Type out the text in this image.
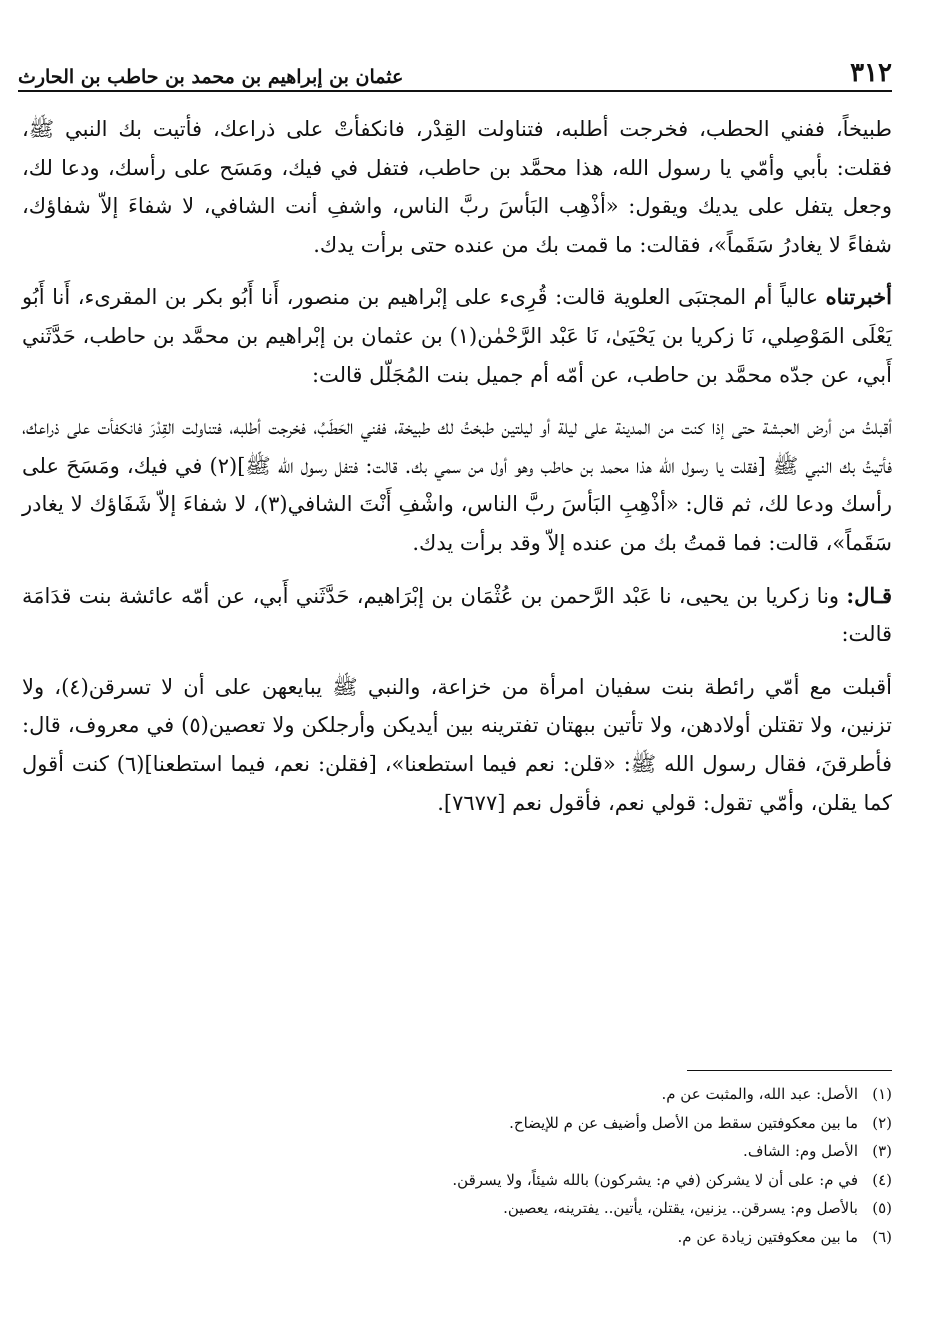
٣١٢
عثمان بن إبراهيم بن محمد بن حاطب بن الحارث

طبيخاً، ففني الحطب، فخرجت أطلبه، فتناولت القِدْر، فانكفأتْ على ذراعك، فأتيت بك النبي ﷺ، فقلت: بأبي وأمّي يا رسول الله، هذا محمَّد بن حاطب، فتفل في فيك، ومَسَح على رأسك، ودعا لك، وجعل يتفل على يديك ويقول: «أذْهِب البَأسَ ربَّ الناس، واشفِ أنت الشافي، لا شفاءَ إلاّ شفاؤك، شفاءً لا يغادرُ سَقَماً»، فقالت: ما قمت بك من عنده حتى برأت يدك.

أخبرتناه عالياً أم المجتبَى العلوية قالت: قُرِىء على إبْراهيم بن منصور، أَنا أَبُو بكر بن المقرىء، أَنا أَبُو يَعْلَى المَوْصِلي، نَا زكريا بن يَحْيَىٰ، نَا عَبْد الرَّحْمٰن(١) بن عثمان بن إبْراهيم بن محمَّد بن حاطب، حَدَّثَني أَبي، عن جدّه محمَّد بن حاطب، عن أمّه أم جميل بنت المُجَلّل قالت:

أقبلتُ من أرض الحبشة حتى إذا كنت من المدينة على ليلة أو ليلتين طبختُ لك طبيخة، ففني الحَطَبُ، فخرجت أطلبه، فتناولت القِدْرَ فانكفأت على ذراعك، فأتيتُ بك النبي ﷺ [فقلت يا رسول الله هذا محمد بن حاطب وهو أول من سمي بك. قالت: فتفل رسول الله ﷺ](٢) في فيك، ومَسَحَ على رأسك ودعا لك، ثم قال: «أذْهِبِ البَأسَ ربَّ الناس، واشْفِ أَنْتَ الشافي(٣)، لا شفاءَ إلاّ شَفَاؤك لا يغادر سَقَماً»، قالت: فما قمتُ بك من عنده إلاّ وقد برأت يدك.

قـال: ونا زكريا بن يحيى، نا عَبْد الرَّحمن بن عُثْمَان بن إبْرَاهيم، حَدَّثَني أَبي، عن أمّه عائشة بنت قدَامَة قالت:

أقبلت مع أمّي رائطة بنت سفيان امرأة من خزاعة، والنبي ﷺ يبايعهن على أن لا تسرقن(٤)، ولا تزنين، ولا تقتلن أولادهن، ولا تأتين ببهتان تفترينه بين أيديكن وأرجلكن ولا تعصين(٥) في معروف، قال: فأطرقنَ، فقال رسول الله ﷺ: «قلن: نعم فيما استطعنا»، [فقلن: نعم، فيما استطعنا](٦) كنت أقول كما يقلن، وأمّي تقول: قولي نعم، فأقول نعم [٧٦٧٧].

(١)الأصل: عبد الله، والمثبت عن م.

(٢)ما بين معكوفتين سقط من الأصل وأضيف عن م للإيضاح.

(٣)الأصل وم: الشاف.

(٤)في م: على أن لا يشركن (في م: يشركون) بالله شيئاً، ولا يسرقن.

(٥)بالأصل وم: يسرقن.. يزنين، يقتلن، يأتين.. يفترينه، يعصين.

(٦)ما بين معكوفتين زيادة عن م.
